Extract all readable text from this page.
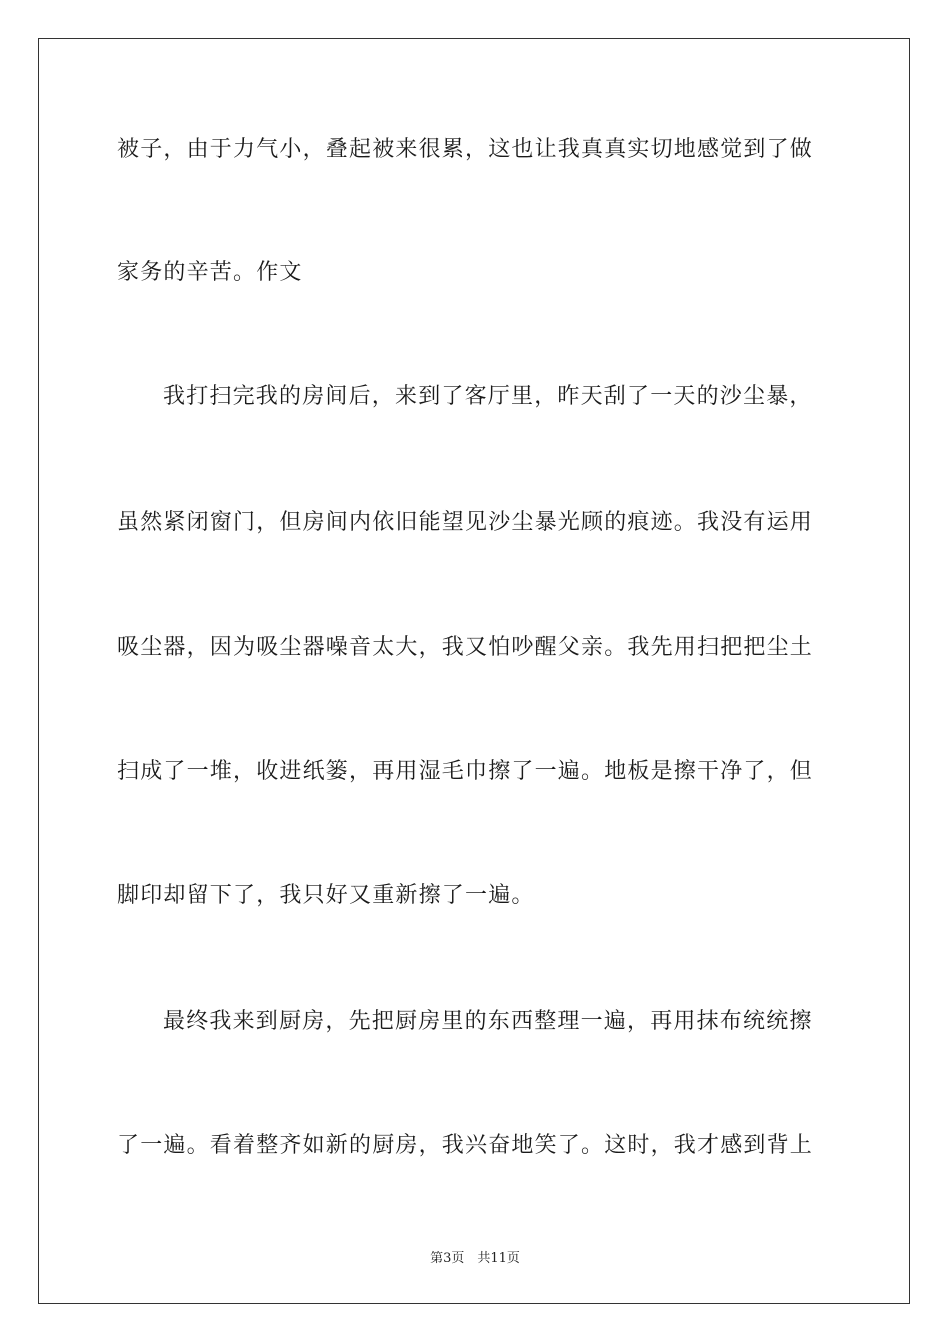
被子，由于力气小，叠起被来很累，这也让我真真实切地感觉到了做
家务的辛苦。作文
我打扫完我的房间后，来到了客厅里，昨天刮了一天的沙尘暴，
虽然紧闭窗门，但房间内依旧能望见沙尘暴光顾的痕迹。我没有运用
吸尘器，因为吸尘器噪音太大，我又怕吵醒父亲。我先用扫把把尘土
扫成了一堆，收进纸篓，再用湿毛巾擦了一遍。地板是擦干净了，但
脚印却留下了，我只好又重新擦了一遍。
最终我来到厨房，先把厨房里的东西整理一遍，再用抹布统统擦
了一遍。看着整齐如新的厨房，我兴奋地笑了。这时，我才感到背上
第3页　共11页
